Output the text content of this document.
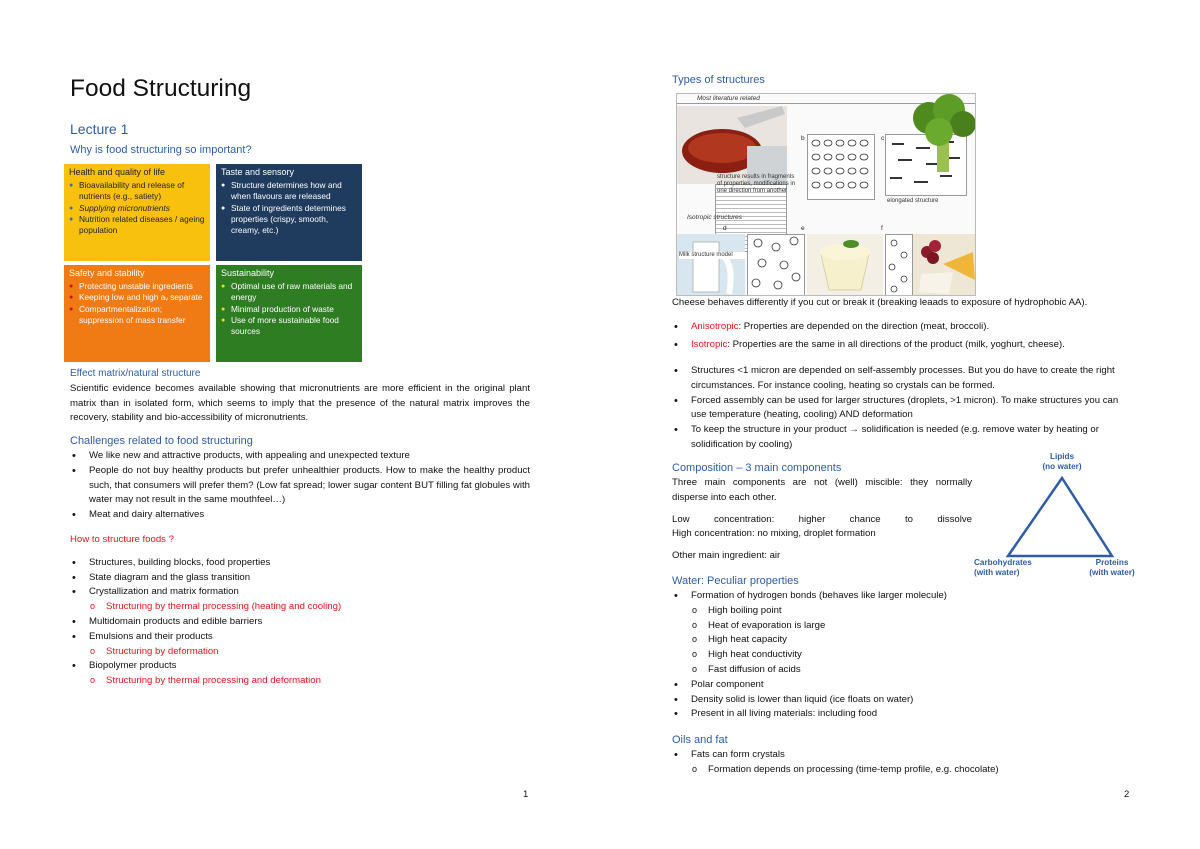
Food Structuring
Lecture 1
Why is food structuring so important?
Health and quality of life
● Bioavailability and release of nutrients (e.g., satiety)
● Supplying micronutrients
● Nutrition related diseases / ageing population
Taste and sensory
● Structure determines how and when flavours are released
● State of ingredients determines properties (crispy, smooth, creamy, etc.)
Safety and stability
● Protecting unstable ingredients
● Keeping low and high aᵥ separate
● Compartmentalization; suppression of mass transfer
Sustainability
● Optimal use of raw materials and energy
● Minimal production of waste
● Use of more sustainable food sources
Effect matrix/natural structure
Scientific evidence becomes available showing that micronutrients are more efficient in the original plant matrix than in isolated form, which seems to imply that the presence of the natural matrix improves the recovery, stability and bio-accessibility of micronutrients.
Challenges related to food structuring
• We like new and attractive products, with appealing and unexpected texture
• People do not buy healthy products but prefer unhealthier products. How to make the healthy product such, that consumers will prefer them? (Low fat spread; lower sugar content BUT filling fat globules with water may not result in the same mouthfeel…)
• Meat and dairy alternatives
How to structure foods ?
• Structures, building blocks, food properties
• State diagram and the glass transition
• Crystallization and matrix formation
o Structuring by thermal processing (heating and cooling)
• Multidomain products and edible barriers
• Emulsions and their products
o Structuring by deformation
• Biopolymer products
o Structuring by thermal processing and deformation
1
Types of structures
Most literature related
b	c
structure results in fragments of properties, modifications in one direction from another
elongated structure
Isotropic structures
d	e	f
Milk structure model
Cheese behaves differently if you cut or break it (breaking leaads to exposure of hydrophobic AA).
• Anisotropic: Properties are depended on the direction (meat, broccoli).
• Isotropic: Properties are the same in all directions of the product (milk, yoghurt, cheese).
• Structures <1 micron are depended on self-assembly processes. But you do have to create the right circumstances. For instance cooling, heating so crystals can be formed.
• Forced assembly can be used for larger structures (droplets, >1 micron). To make structures you can use temperature (heating, cooling) AND deformation
• To keep the structure in your product → solidification is needed (e.g. remove water by heating or solidification by cooling)
Composition – 3 main components
Three main components are not (well) miscible: they normally disperse into each other.
Low concentration: higher chance to dissolve
High concentration: no mixing, droplet formation
Other main ingredient: air
Lipids
(no water)
Carbohydrates
(with water)
Proteins
(with water)
Water: Peculiar properties
• Formation of hydrogen bonds (behaves like larger molecule)
o High boiling point
o Heat of evaporation is large
o High heat capacity
o High heat conductivity
o Fast diffusion of acids
• Polar component
• Density solid is lower than liquid (ice floats on water)
• Present in all living materials: including food
Oils and fat
• Fats can form crystals
o Formation depends on processing (time-temp profile, e.g. chocolate)
2
